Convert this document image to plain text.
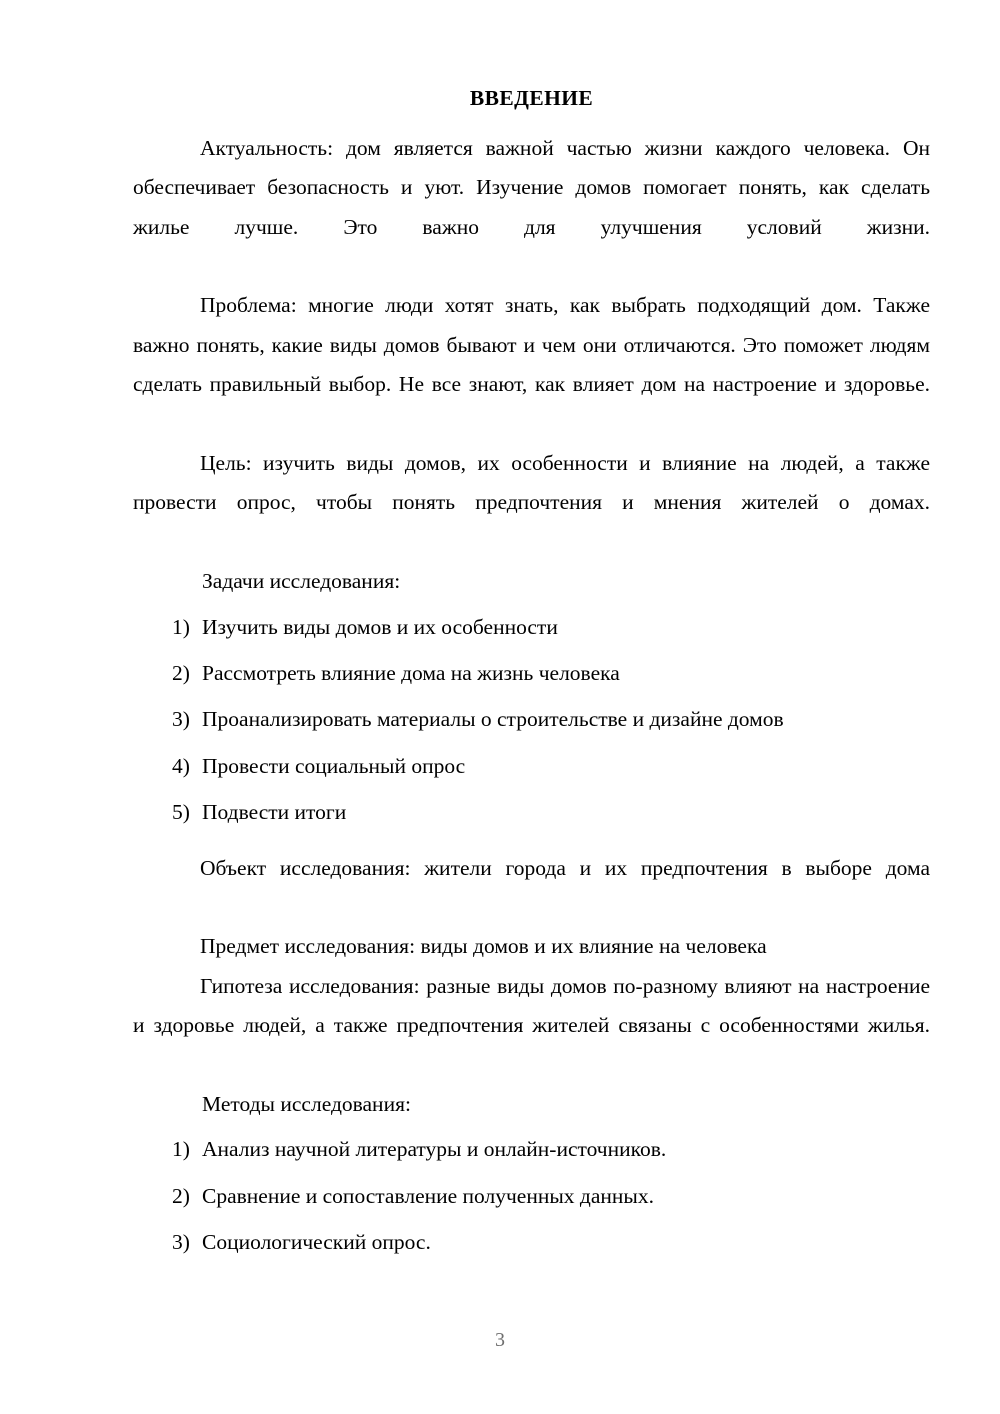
ВВЕДЕНИЕ

Актуальность: дом является важной частью жизни каждого человека. Он обеспечивает безопасность и уют. Изучение домов помогает понять, как сделать жилье лучше. Это важно для улучшения условий жизни.

Проблема: многие люди хотят знать, как выбрать подходящий дом. Также важно понять, какие виды домов бывают и чем они отличаются. Это поможет людям сделать правильный выбор. Не все знают, как влияет дом на настроение и здоровье.

Цель: изучить виды домов, их особенности и влияние на людей, а также провести опрос, чтобы понять предпочтения и мнения жителей о домах.

Задачи исследования:

1) Изучить виды домов и их особенности
2) Рассмотреть влияние дома на жизнь человека
3) Проанализировать материалы о строительстве и дизайне домов
4) Провести социальный опрос
5) Подвести итоги

Объект исследования: жители города и их предпочтения в выборе дома

Предмет исследования: виды домов и их влияние на человека

Гипотеза исследования: разные виды домов по-разному влияют на настроение и здоровье людей, а также предпочтения жителей связаны с особенностями жилья.

Методы исследования:

1) Анализ научной литературы и онлайн-источников.
2) Сравнение и сопоставление полученных данных.
3) Социологический опрос.
3
